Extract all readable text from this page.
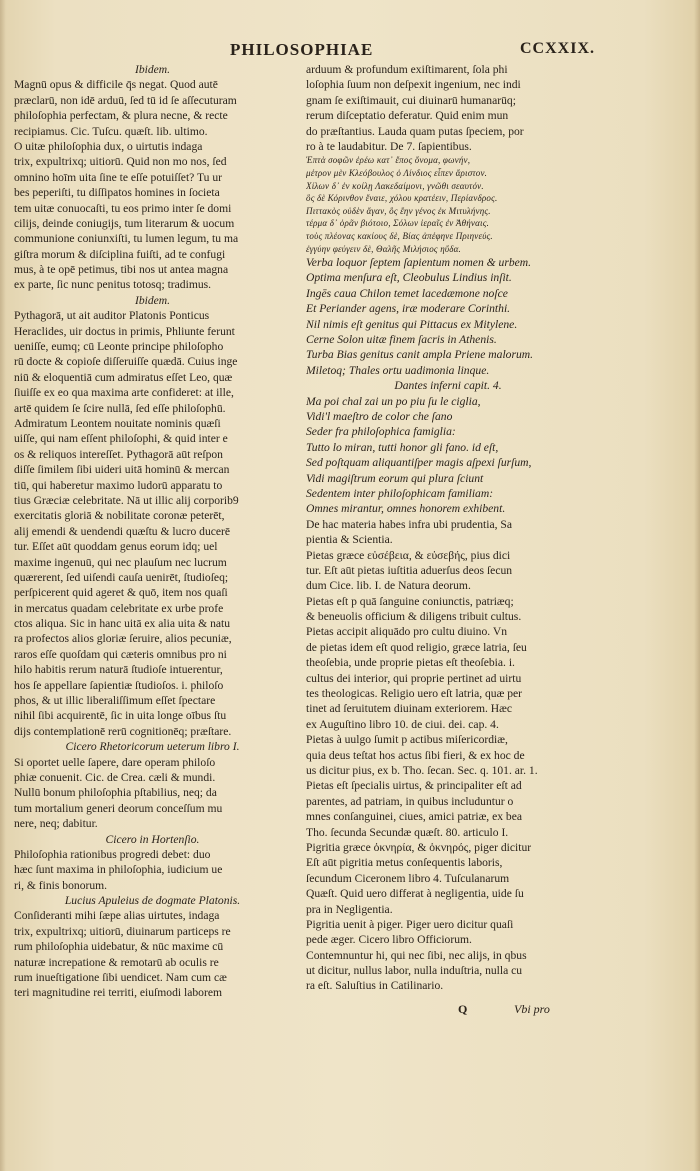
PHILOSOPHIAE	CCXXIX.
Ibidem.
Magnū opus & difficile q̄s negat. Quod autē
præclarū, non idē arduū, ſed tū id ſe aſſecuturam
philoſophia perfectam, & plura necne, & recte
recipiamus. Cic. Tuſcu. quæſt. lib. ultimo.
O uitæ philoſophia dux, o uirtutis indaga
trix, expultrixq; uitiorū. Quid non mo nos, ſed
omnino hoīm uita ſine te eſſe potuiſſet? Tu ur
bes peperiſti, tu diſſipatos homines in ſocieta
tem uitæ conuocaſti, tu eos primo inter ſe domi
cilijs, deinde coniugijs, tum literarum & uocum
communione coniunxiſti, tu lumen legum, tu ma
giſtra morum & diſciplina fuiſti, ad te confugi
mus, à te opē petimus, tibi nos ut antea magna
ex parte, ſic nunc penitus totosq; tradimus.
Ibidem.
Pythagorā, ut ait auditor Platonis Ponticus
Heraclides, uir doctus in primis, Phliunte ferunt
ueniſſe, eumq; cū Leonte principe philoſopho
rū docte & copioſe diſſeruiſſe quædā. Cuius inge
niū & eloquentiā cum admiratus eſſet Leo, quæ
ſiuiſſe ex eo qua maxima arte confideret: at ille,
artē quidem ſe ſcire nullā, ſed eſſe philoſophū.
Admiratum Leontem nouitate nominis quæſi
uiſſe, qui nam eſſent philoſophi, & quid inter e
os & reliquos intereſſet. Pythagorā aūt reſpon
diſſe ſimilem ſibi uideri uitā hominū & mercan
tiū, qui haberetur maximo ludorū apparatu to
tius Græciæ celebritate. Nā ut illic alij corporib9
exercitatis gloriā & nobilitate coronæ peterēt,
alij emendi & uendendi quæſtu & lucro ducerē
tur. Eſſet aūt quoddam genus eorum idq; uel
maxime ingenuū, qui nec plauſum nec lucrum
quærerent, ſed uiſendi cauſa uenirēt, ſtudioſeq;
perſpicerent quid ageret & quō, item nos quaſi
in mercatus quadam celebritate ex urbe profe
ctos aliqua. Sic in hanc uitā ex alia uita & natu
ra profectos alios gloriæ ſeruire, alios pecuniæ,
raros eſſe quoſdam qui cæteris omnibus pro ni
hilo habitis rerum naturā ſtudioſe intuerentur,
hos ſe appellare ſapientiæ ſtudioſos. i. philoſo
phos, & ut illic liberaliſſimum eſſet ſpectare
nihil ſibi acquirentē, ſic in uita longe oībus ſtu
dijs contemplationē rerū cognitionēq; præſtare.
Cicero Rhetoricorum ueterum libro I.
Si oportet uelle ſapere, dare operam philoſo
phiæ conuenit. Cic. de Crea. cæli & mundi.
Nullū bonum philoſophia pſtabilius, neq; da
tum mortalium generi deorum conceſſum mu
nere, neq; dabitur.
Cicero in Hortenſio.
Philoſophia rationibus progredi debet: duo
hæc ſunt maxima in philoſophia, iudicium ue
ri, & finis bonorum.
Lucius Apuleius de dogmate Platonis.
Conſideranti mihi ſæpe alias uirtutes, indaga
trix, expultrixq; uitiorū, diuinarum particeps re
rum philoſophia uidebatur, & nūc maxime cū
naturæ increpatione & remotarū ab oculis re
rum inueſtigatione ſibi uendicet. Nam cum cæ
teri magnitudine rei territi, eiuſmodi laborem
arduum & profundum exiſtimarent, ſola phi
loſophia ſuum non deſpexit ingenium, nec indi
gnam ſe exiſtimauit, cui diuinarū humanarūq;
rerum diſceptatio deferatur. Quid enim mun
do præſtantius. Lauda quam putas ſpeciem, por
ro à te laudabitur. De 7. ſapientibus.
Ἑπτὰ σοφῶν ἐρέω κατ᾽ ἔπος ὄνομα, φωνήν,
μέτρον μὲν Κλεόβουλος ὁ Λίνδιος εἶπεν ἄριστον.
Χίλων δ᾽ ἐν κοίλῃ Λακεδαίμονι, γνῶθι σεαυτόν.
ὃς δὲ Κόρινθον ἔναιε, χόλου κρατέειν, Περίανδρος.
Πιττακὸς οὐδὲν ἄγαν, ὃς ἔην γένος ἐκ Μιτυλήνης.
τέρμα δ᾽ ὁρᾶν βιότοιο, Σόλων ἱεραῖς ἐν Ἀθήναις.
τοὺς πλέονας κακίους δὲ, Βίας ἀπέφηνε Πριηνεύς.
ἐγγύην φεύγειν δὲ, Θαλῆς Μιλήσιος ηὔδα.
Verba loquor ſeptem ſapientum nomen & urbem.
Optima menſura eſt, Cleobulus Lindius inſit.
Ingēs caua Chilon temet lacedæmone noſce
Et Periander agens, iræ moderare Corinthi.
Nil nimis eſt genitus qui Pittacus ex Mitylene.
Cerne Solon uitæ finem ſacris in Athenis.
Turba Bias genitus canit ampla Priene malorum.
Miletoq; Thales ortu uadimonia linque.
Dantes inferni capit. 4.
Ma poi chal zai un po piu ſu le ciglia,
Vidi'l maeſtro de color che ſano
Seder fra philoſophica famiglia:
Tutto lo miran, tutti honor gli fano. id eſt,
Sed poſtquam aliquantiſper magis aſpexi ſurſum,
Vidi magiſtrum eorum qui plura ſciunt
Sedentem inter philoſophicam familiam:
Omnes mirantur, omnes honorem exhibent.
De hac materia habes infra ubi prudentia, Sa
pientia & Scientia.
Pietas græce εὐσέβεια, & εὐσεβής, pius dici
tur. Eſt aūt pietas iuſtitia aduerſus deos ſecun
dum Cice. lib. I. de Natura deorum.
Pietas eſt p quā ſanguine coniunctis, patriæq;
& beneuolis officium & diligens tribuit cultus.
Pietas accipit aliquādo pro cultu diuino. Vn
de pietas idem eſt quod religio, græce latria, ſeu
theoſebia, unde proprie pietas eſt theoſebia. i.
cultus dei interior, qui proprie pertinet ad uirtu
tes theologicas. Religio uero eſt latria, quæ per
tinet ad ſeruitutem diuinam exteriorem. Hæc
ex Auguſtino libro 10. de ciui. dei. cap. 4.
Pietas à uulgo ſumit p actibus miſericordiæ,
quia deus teſtat hos actus ſibi fieri, & ex hoc de
us dicitur pius, ex b. Tho. ſecan. Sec. q. 101. ar. 1.
Pietas eſt ſpecialis uirtus, & principaliter eſt ad
parentes, ad patriam, in quibus includuntur o
mnes conſanguinei, ciues, amici patriæ, ex bea
Tho. ſecunda Secundæ quæſt. 80. articulo I.
Pigritia græce ὀκνηρία, & ὀκνηρός, piger dicitur
Eſt aūt pigritia metus conſequentis laboris,
ſecundum Ciceronem libro 4. Tuſculanarum
Quæſt. Quid uero differat à negligentia, uide ſu
pra in Negligentia.
Pigritia uenit à piger. Piger uero dicitur quaſi
pede æger. Cicero libro Officiorum.
Contemnuntur hi, qui nec ſibi, nec alijs, in qbus
ut dicitur, nullus labor, nulla induſtria, nulla cu
ra eſt. Saluſtius in Catilinario.
Q	Vbi pro
